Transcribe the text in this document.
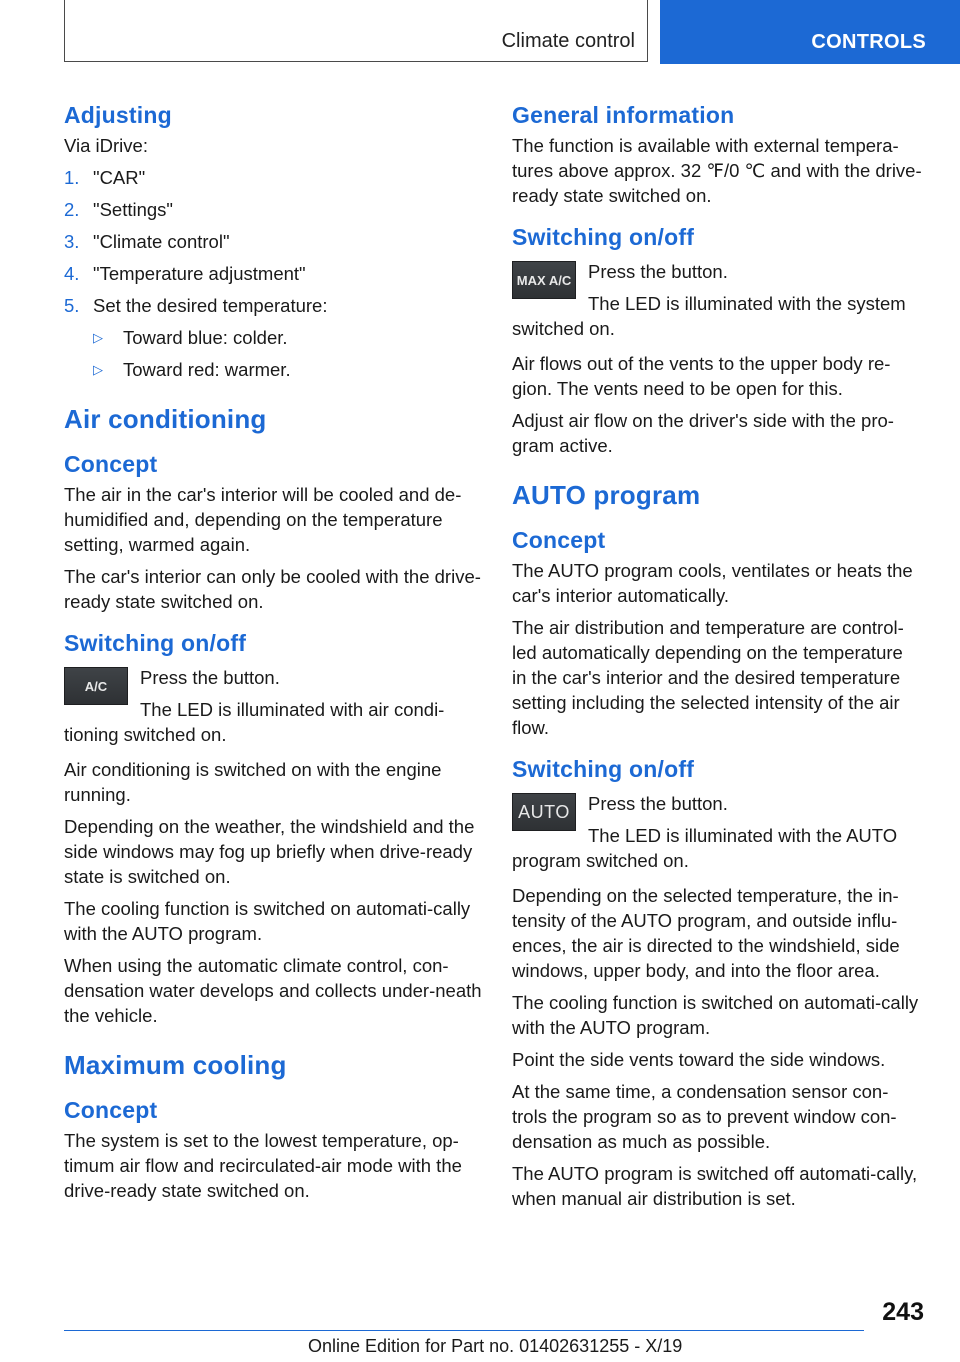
Climate control	CONTROLS
Adjusting
Via iDrive:
1. "CAR"
2. "Settings"
3. "Climate control"
4. "Temperature adjustment"
5. Set the desired temperature:
▷	Toward blue: colder.
▷	Toward red: warmer.
Air conditioning
Concept
The air in the car's interior will be cooled and de‐humidified and, depending on the temperature setting, warmed again.
The car's interior can only be cooled with the drive-ready state switched on.
Switching on/off
A/C Press the button.
The LED is illuminated with air condi‐
tioning switched on.
Air conditioning is switched on with the engine running.
Depending on the weather, the windshield and the side windows may fog up briefly when drive-ready state is switched on.
The cooling function is switched on automati‐cally with the AUTO program.
When using the automatic climate control, con‐densation water develops and collects under‐neath the vehicle.
Maximum cooling
Concept
The system is set to the lowest temperature, op‐timum air flow and recirculated-air mode with the drive-ready state switched on.
General information
The function is available with external tempera‐tures above approx. 32 ℉/0 ℃ and with the drive-ready state switched on.
Switching on/off
MAX A/C Press the button.
The LED is illuminated with the system
switched on.
Air flows out of the vents to the upper body re‐gion. The vents need to be open for this.
Adjust air flow on the driver's side with the pro‐gram active.
AUTO program
Concept
The AUTO program cools, ventilates or heats the car's interior automatically.
The air distribution and temperature are control‐led automatically depending on the temperature in the car's interior and the desired temperature setting including the selected intensity of the air flow.
Switching on/off
AUTO Press the button.
The LED is illuminated with the AUTO
program switched on.
Depending on the selected temperature, the in‐tensity of the AUTO program, and outside influ‐ences, the air is directed to the windshield, side windows, upper body, and into the floor area.
The cooling function is switched on automati‐cally with the AUTO program.
Point the side vents toward the side windows.
At the same time, a condensation sensor con‐trols the program so as to prevent window con‐densation as much as possible.
The AUTO program is switched off automati‐cally, when manual air distribution is set.
243
Online Edition for Part no. 01402631255 - X/19
